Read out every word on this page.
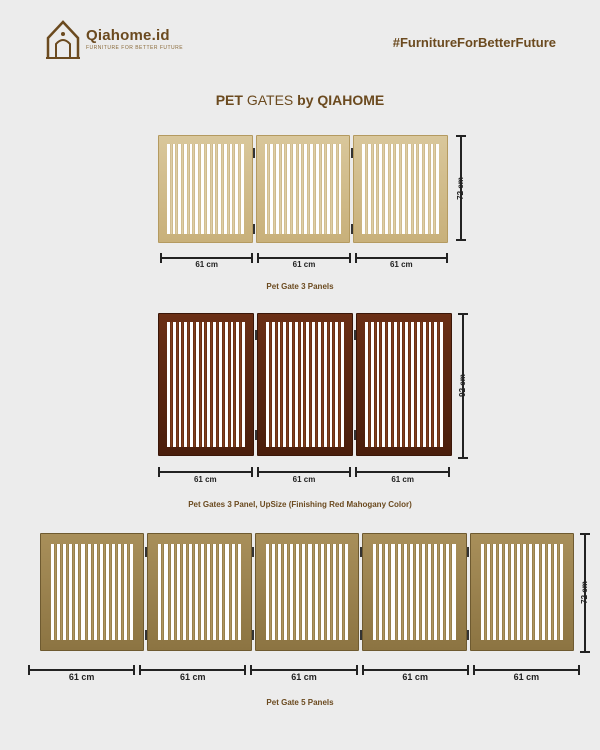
Qiahome.id
FURNITURE FOR BETTER FUTURE	#FurnitureForBetterFuture
PET GATES by QIAHOME
72 cm
61 cm	61 cm	61 cm
Pet Gate 3 Panels
92 cm
61 cm	61 cm	61 cm
Pet Gates 3 Panel, UpSize (Finishing Red Mahogany Color)
72 cm
61 cm	61 cm	61 cm	61 cm	61 cm
Pet Gate 5 Panels
